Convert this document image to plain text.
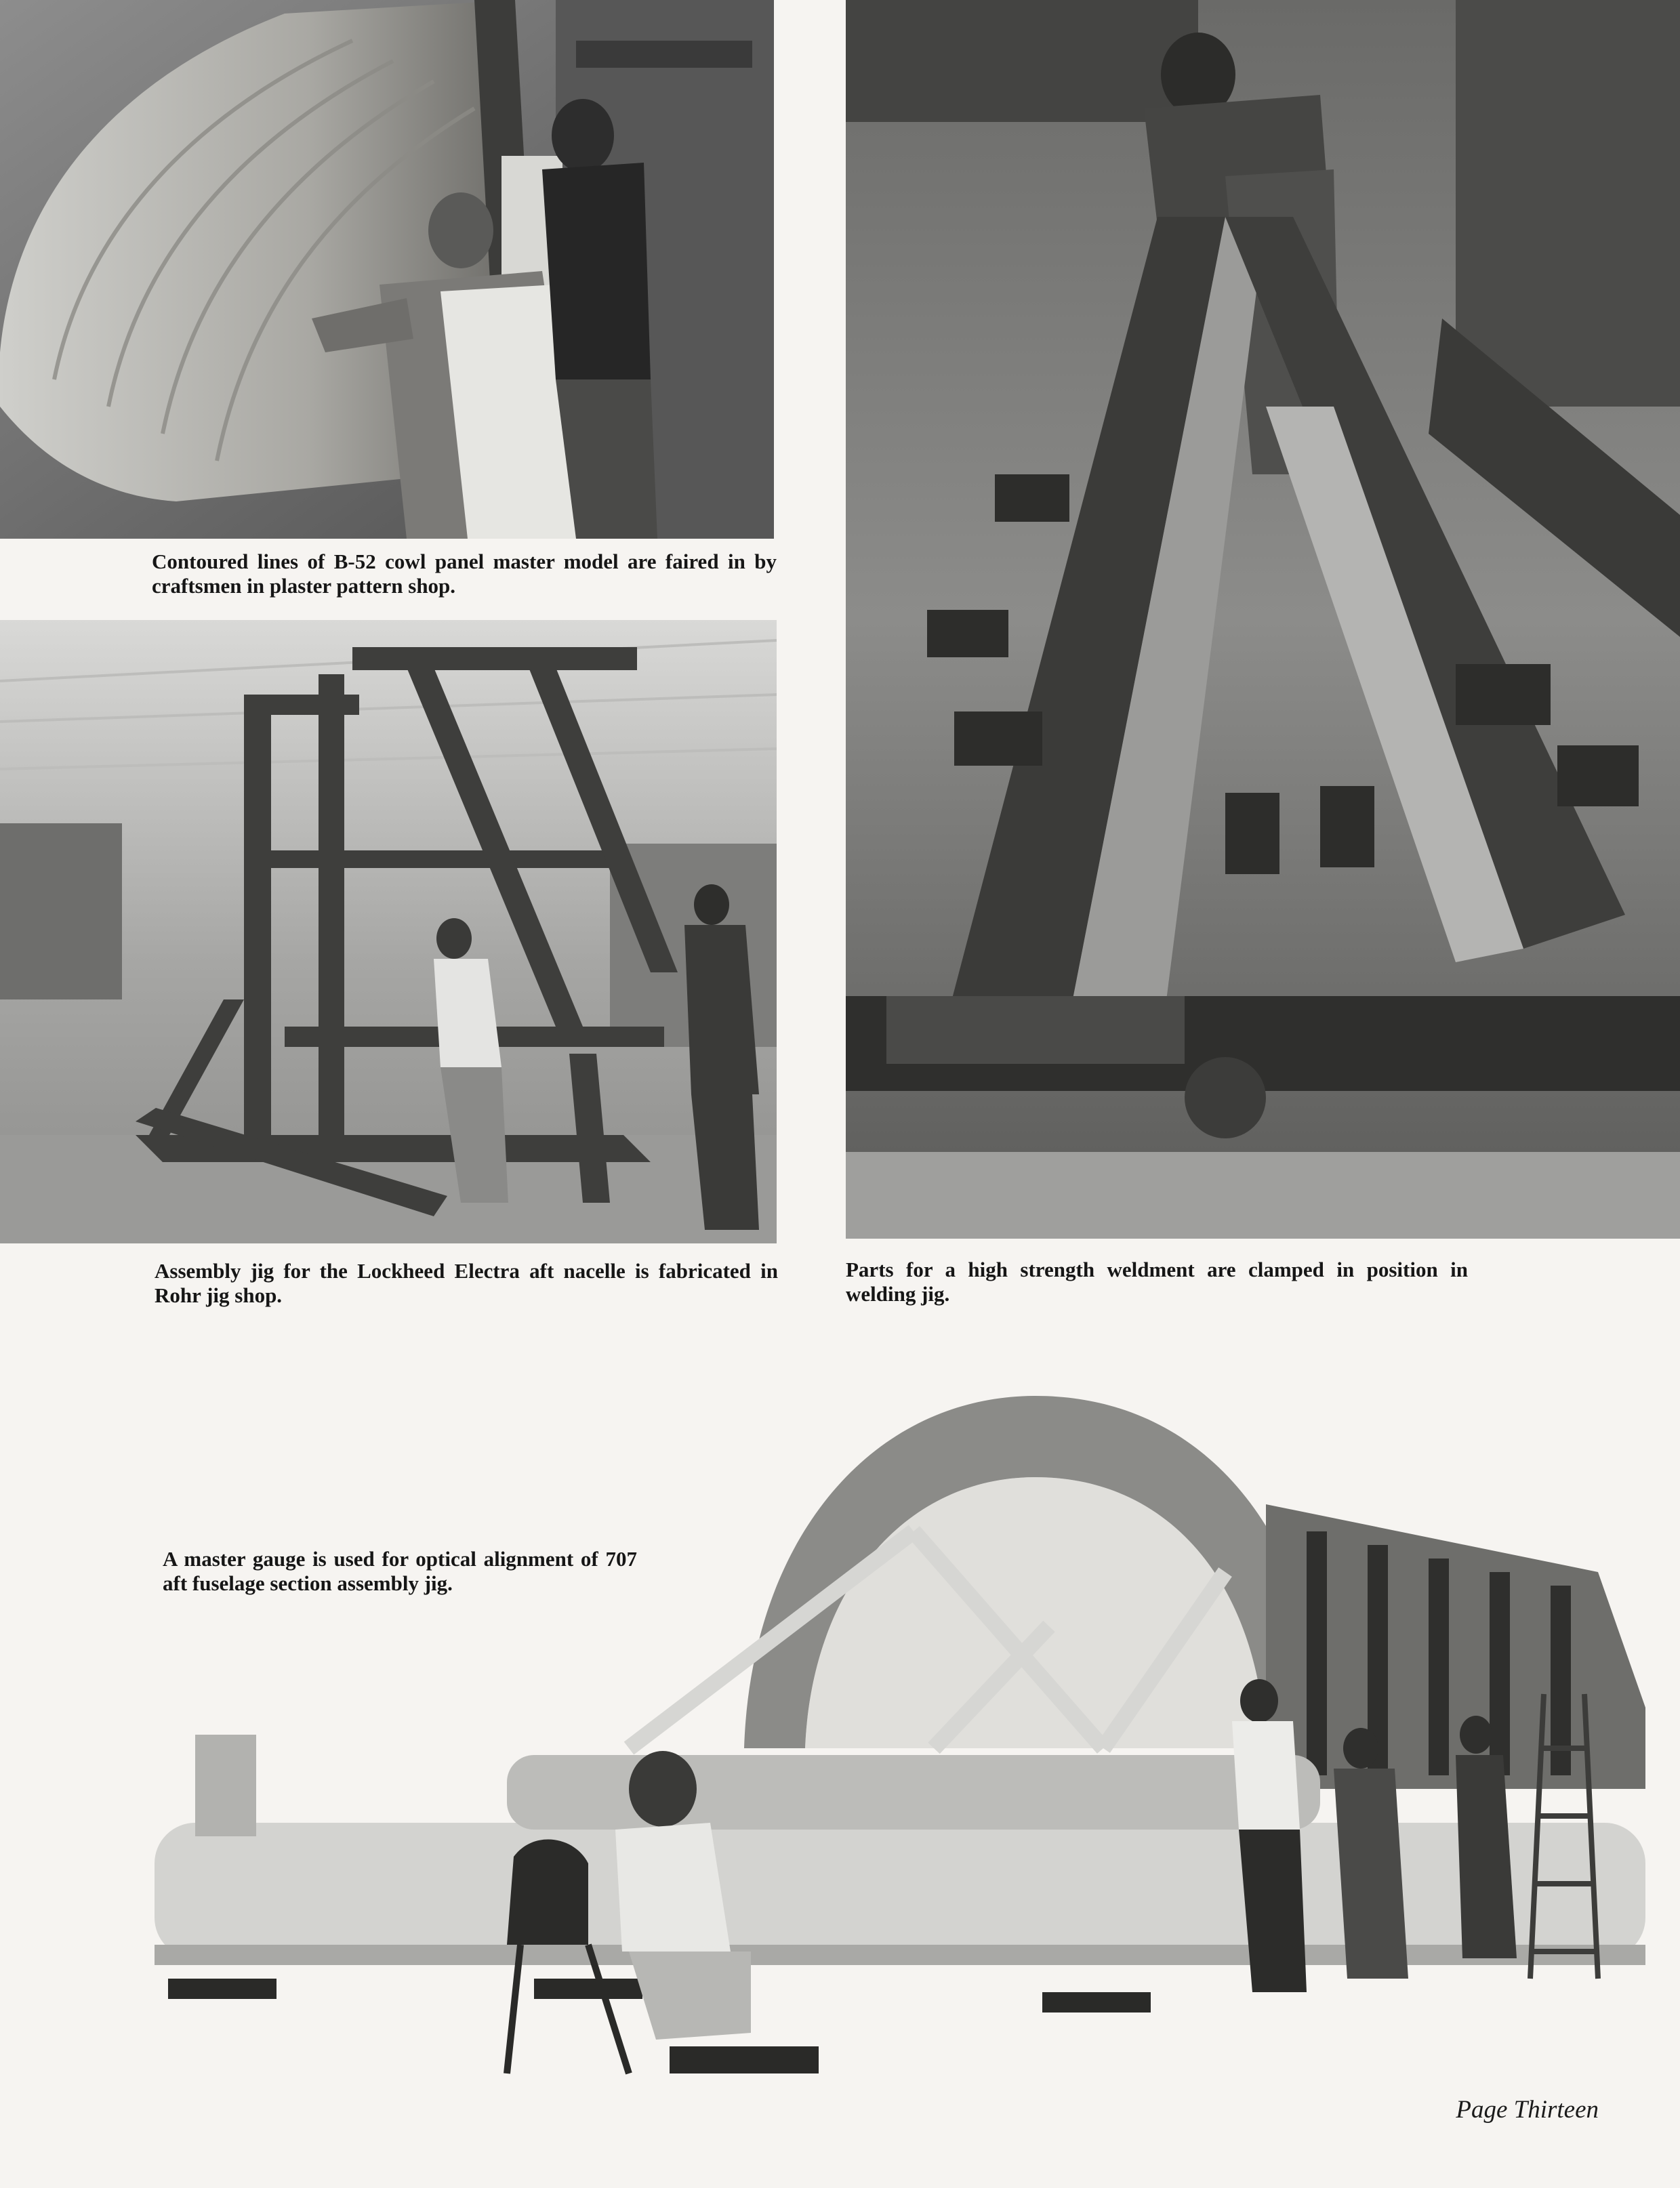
Contoured lines of B-52 cowl panel master model are faired in by craftsmen in plaster pattern shop.

Assembly jig for the Lockheed Electra aft nacelle is fabricated in Rohr jig shop.

Parts for a high strength weldment are clamped in position in welding jig.

A master gauge is used for optical alignment of 707 aft fuselage section assembly jig.

Page Thirteen
